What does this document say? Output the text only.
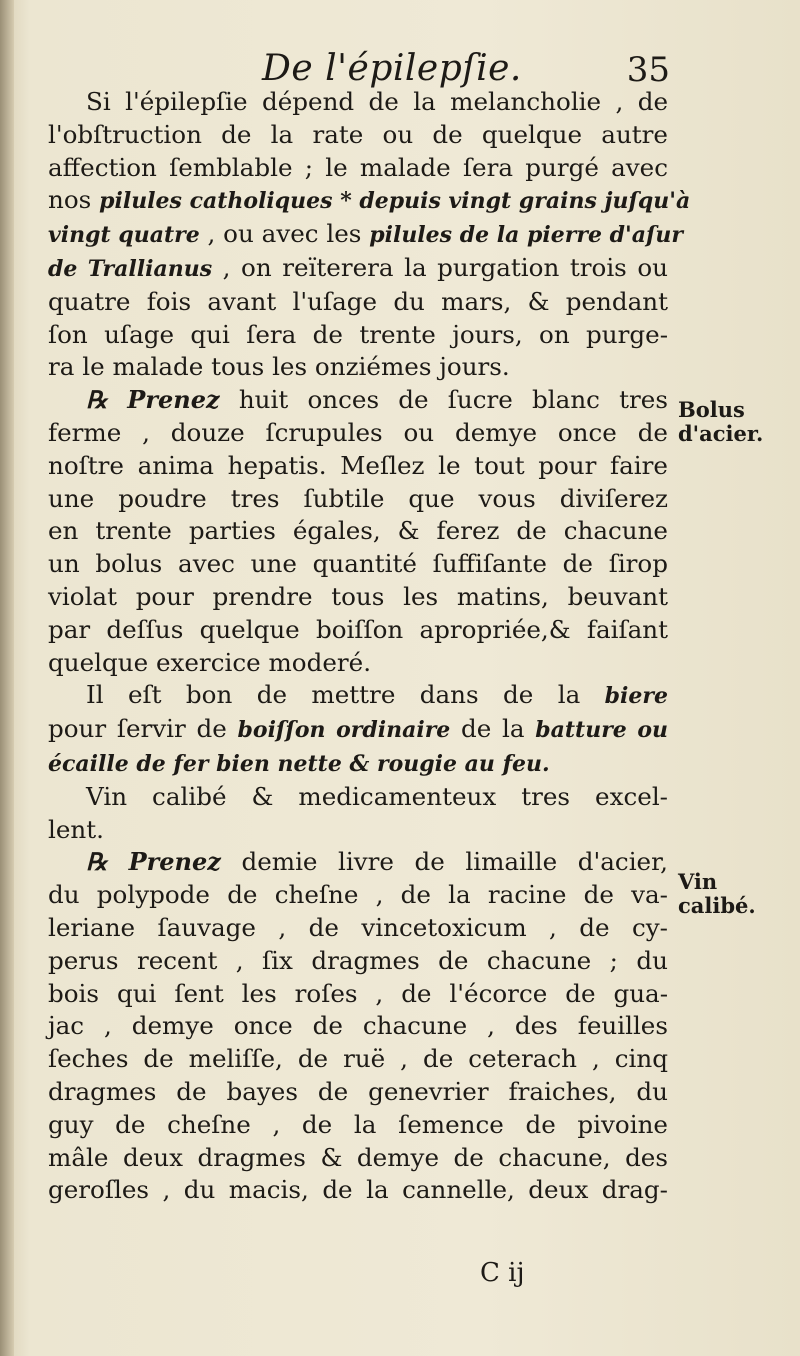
De l'épilepſie.	35
Si l'épilepſie dépend de la melancholie , de
l'obſtruction de la rate ou de quelque autre
affection ſemblable ; le malade ſera purgé avec
nos pilules catholiques * depuis vingt grains juſqu'à
vingt quatre , ou avec les pilules de la pierre d'aſur
de Trallianus , on reïterera la purgation trois ou
quatre fois avant l'uſage du mars, & pendant
ſon uſage qui ſera de trente jours, on purge-
ra le malade tous les onziémes jours.
℞ Prenez huit onces de ſucre blanc tres
ferme , douze ſcrupules ou demye once de
noſtre anima hepatis. Meſlez le tout pour faire
une poudre tres ſubtile que vous diviſerez
en trente parties égales, & ferez de chacune
un bolus avec une quantité ſuffiſante de ſirop
violat pour prendre tous les matins, beuvant
par deſſus quelque boiſſon apropriée,& faiſant
quelque exercice moderé.
Il eſt bon de mettre dans de la biere
pour ſervir de boiſſon ordinaire de la batture ou
écaille de fer bien nette & rougie au feu.
Vin calibé & medicamenteux tres excel-
lent.
℞ Prenez demie livre de limaille d'acier,
du polypode de cheſne , de la racine de va-
leriane ſauvage , de vincetoxicum , de cy-
perus recent , ſix dragmes de chacune ; du
bois qui ſent les roſes , de l'écorce de gua-
jac , demye once de chacune , des feuilles
ſeches de meliſſe, de ruë , de ceterach , cinq
dragmes de bayes de genevrier fraiches, du
guy de cheſne , de la ſemence de pivoine
mâle deux dragmes & demye de chacune, des
geroſles , du macis, de la cannelle, deux drag-
Bolus d'acier.
Vin calibé.
C ij
